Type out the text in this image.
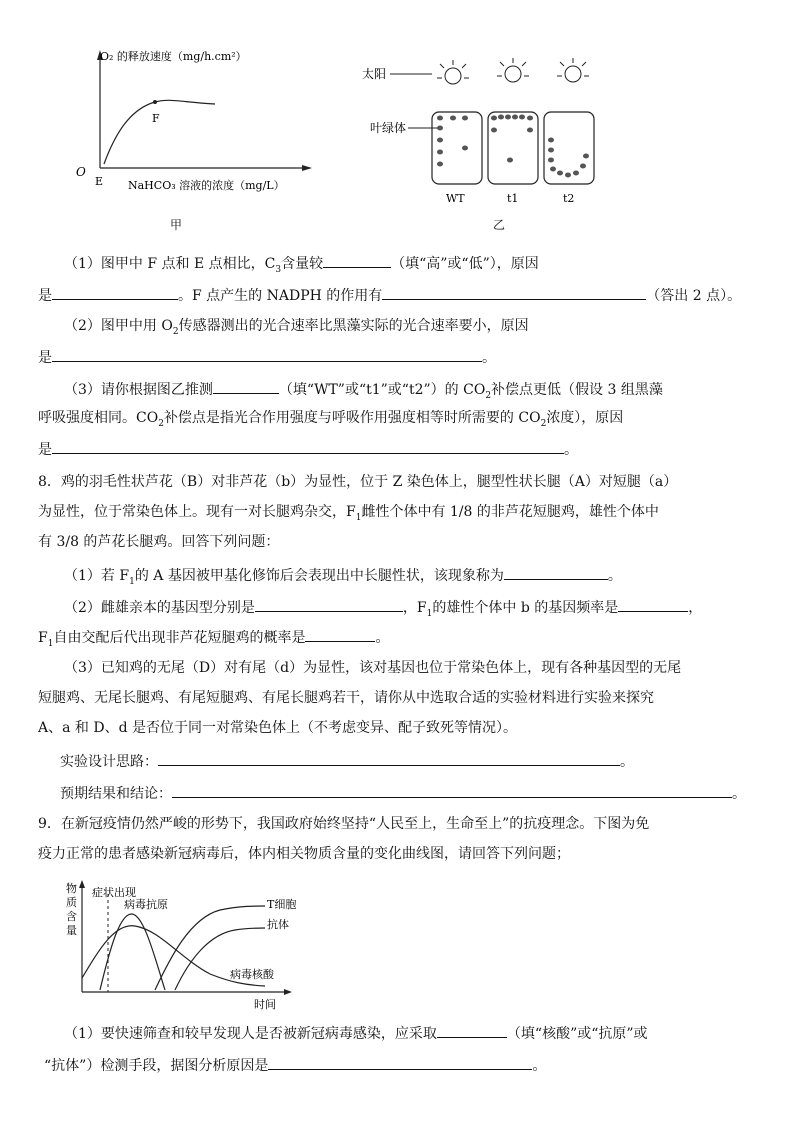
O₂ 的释放速度（mg/h.cm²）
NaHCO₃ 溶液的浓度（mg/L）
O
E
F
甲
太阳
叶绿体
WT	t1	t2
乙
（1）图甲中 F 点和 E 点相比，$C_3$含量较	（填“高”或“低”），原因
是	。F 点产生的 NADPH 的作用有	（答出 2 点）。
（2）图甲中用 $O_2$传感器测出的光合速率比黑藻实际的光合速率要小，原因
是	。
（3）请你根据图乙推测	（填“WT”或“t1”或“t2”）的 $CO_2$补偿点更低（假设 3 组黑藻
呼吸强度相同。$CO_2$补偿点是指光合作用强度与呼吸作用强度相等时所需要的 $CO_2$浓度），原因
是	。
8．鸡的羽毛性状芦花（B）对非芦花（b）为显性，位于 Z 染色体上，腿型性状长腿（A）对短腿（a）
为显性，位于常染色体上。现有一对长腿鸡杂交，$F_1$雌性个体中有 1/8 的非芦花短腿鸡，雄性个体中
有 3/8 的芦花长腿鸡。回答下列问题：
（1）若 $F_1$的 A 基因被甲基化修饰后会表现出中长腿性状，该现象称为	。
（2）雌雄亲本的基因型分别是	，$F_1$的雄性个体中 b 的基因频率是	，
$F_1$自由交配后代出现非芦花短腿鸡的概率是	。
（3）已知鸡的无尾（D）对有尾（d）为显性，该对基因也位于常染色体上，现有各种基因型的无尾
短腿鸡、无尾长腿鸡、有尾短腿鸡、有尾长腿鸡若干，请你从中选取合适的实验材料进行实验来探究
A、a 和 D、d 是否位于同一对常染色体上（不考虑变异、配子致死等情况）。
实验设计思路：	。
预期结果和结论：	。
9．在新冠疫情仍然严峻的形势下，我国政府始终坚持“人民至上，生命至上”的抗疫理念。下图为免
疫力正常的患者感染新冠病毒后，体内相关物质含量的变化曲线图，请回答下列问题；
物
质
含
量
症状出现
病毒抗原	T细胞
抗体
病毒核酸
时间
（1）要快速筛查和较早发现人是否被新冠病毒感染，应采取	（填“核酸”或“抗原”或
“抗体”）检测手段，据图分析原因是	。
